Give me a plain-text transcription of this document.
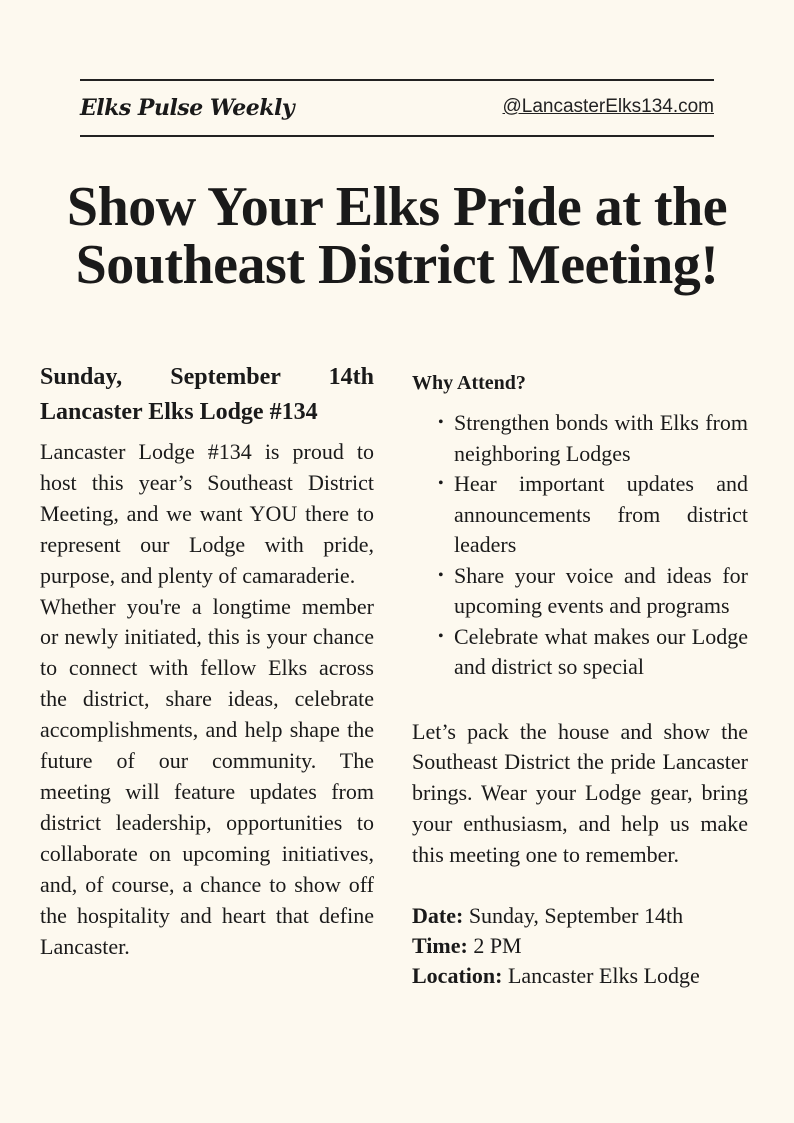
Elks Pulse Weekly	@LancasterElks134.com
Show Your Elks Pride at the Southeast District Meeting!

Sunday, September 14th

Lancaster Elks Lodge #134

Lancaster Lodge #134 is proud to host this year’s Southeast District Meeting, and we want YOU there to represent our Lodge with pride, purpose, and plenty of camaraderie.

Whether you're a longtime member or newly initiated, this is your chance to connect with fellow Elks across the district, share ideas, celebrate accomplishments, and help shape the future of our community. The meeting will feature updates from district leadership, opportunities to collaborate on upcoming initiatives, and, of course, a chance to show off the hospitality and heart that define Lancaster.

Why Attend?

• Strengthen bonds with Elks from neighboring Lodges
• Hear important updates and announcements from district leaders
• Share your voice and ideas for upcoming events and programs
• Celebrate what makes our Lodge and district so special

Let’s pack the house and show the Southeast District the pride Lancaster brings. Wear your Lodge gear, bring your enthusiasm, and help us make this meeting one to remember.

Date: Sunday, September 14th
Time: 2 PM
Location: Lancaster Elks Lodge
